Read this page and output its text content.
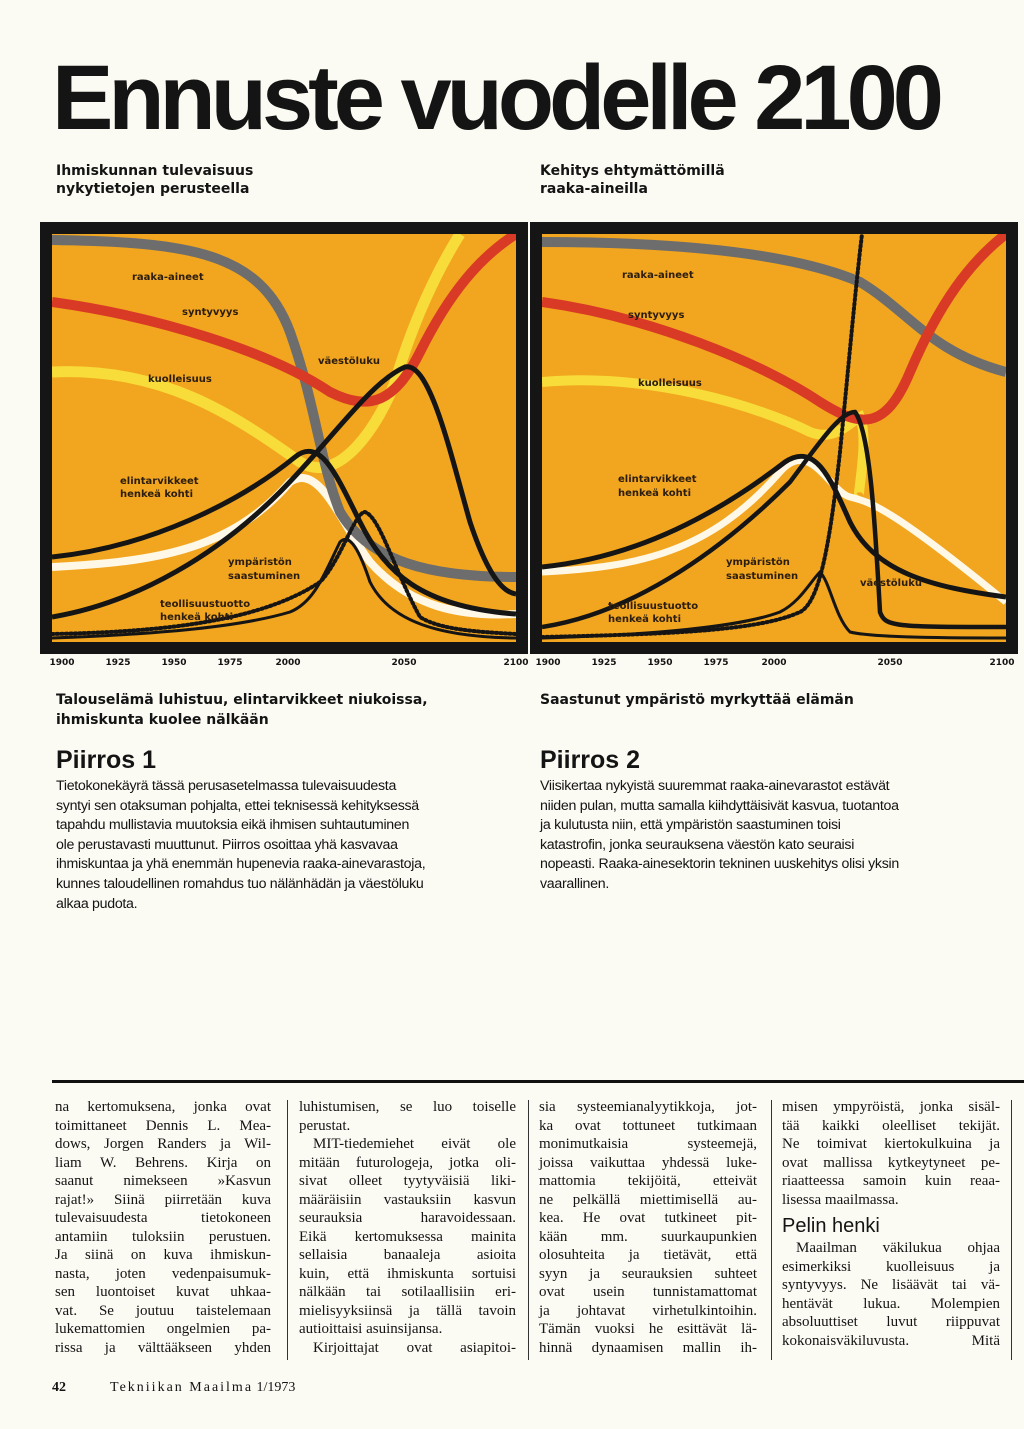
Ennuste vuodelle 2100
Ihmiskunnan tulevaisuus
nykytietojen perusteella
Kehitys ehtymättömillä
raaka-aineilla
raaka-aineet
syntyvyys
kuolleisuus
väestöluku
elintarvikkeet
henkeä kohti
ympäristön
saastuminen
teollisuustuotto
henkeä kohti
raaka-aineet
syntyvyys
kuolleisuus
väestöluku
elintarvikkeet
henkeä kohti
ympäristön
saastuminen
teollisuustuotto
henkeä kohti
1900	1925	1950	1975	2000	2050	2100 1900	1925	1950	1975	2000	2050	2100
Talouselämä luhistuu, elintarvikkeet niukoissa,
ihmiskunta kuolee nälkään
Saastunut ympäristö myrkyttää elämän
Piirros 1
Tietokonekäyrä tässä perusasetelmassa tulevaisuudesta
syntyi sen otaksuman pohjalta, ettei teknisessä kehityksessä
tapahdu mullistavia muutoksia eikä ihmisen suhtautuminen
ole perustavasti muuttunut. Piirros osoittaa yhä kasvavaa
ihmiskuntaa ja yhä enemmän hupenevia raaka-ainevarastoja,
kunnes taloudellinen romahdus tuo nälänhädän ja väestöluku
alkaa pudota.
Piirros 2
Viisikertaa nykyistä suuremmat raaka-ainevarastot estävät
niiden pulan, mutta samalla kiihdyttäisivät kasvua, tuotantoa
ja kulutusta niin, että ympäristön saastuminen toisi
katastrofin, jonka seurauksena väestön kato seuraisi
nopeasti. Raaka-ainesektorin tekninen uuskehitys olisi yksin
vaarallinen.
na kertomuksena, jonka ovat
toimittaneet Dennis L. Mea-
dows, Jorgen Randers ja Wil-
liam W. Behrens. Kirja on
saanut nimekseen »Kasvun
rajat!» Siinä piirretään kuva
tulevaisuudesta tietokoneen
antamiin tuloksiin perustuen.
Ja siinä on kuva ihmiskun-
nasta, joten vedenpaisumuk-
sen luontoiset kuvat uhkaa-
vat. Se joutuu taistelemaan
lukemattomien ongelmien pa-
rissa ja välttääkseen yhden
luhistumisen, se luo toiselle
perustat.
MIT-tiedemiehet eivät ole
mitään futurologeja, jotka oli-
sivat olleet tyytyväisiä liki-
määräisiin vastauksiin kasvun
seurauksia haravoidessaan.
Eikä kertomuksessa mainita
sellaisia banaaleja asioita
kuin, että ihmiskunta sortuisi
nälkään tai sotilaallisiin eri-
mielisyyksiinsä ja tällä tavoin
autioittaisi asuinsijansa.
Kirjoittajat ovat asiapitoi-
sia systeemianalyytikkoja, jot-
ka ovat tottuneet tutkimaan
monimutkaisia systeemejä,
joissa vaikuttaa yhdessä luke-
mattomia tekijöitä, etteivät
ne pelkällä miettimisellä au-
kea. He ovat tutkineet pit-
kään mm. suurkaupunkien
olosuhteita ja tietävät, että
syyn ja seurauksien suhteet
ovat usein tunnistamattomat
ja johtavat virhetulkintoihin.
Tämän vuoksi he esittävät lä-
hinnä dynaamisen mallin ih-
misen ympyröistä, jonka sisäl-
tää kaikki oleelliset tekijät.
Ne toimivat kiertokulkuina ja
ovat mallissa kytkeytyneet pe-
riaatteessa samoin kuin reaa-
lisessa maailmassa.
Pelin henki
Maailman väkilukua ohjaa
esimerkiksi kuolleisuus ja
syntyvyys. Ne lisäävät tai vä-
hentävät lukua. Molempien
absoluuttiset luvut riippuvat
kokonaisväkiluvusta. Mitä
42	Tekniikan Maailma 1/1973
